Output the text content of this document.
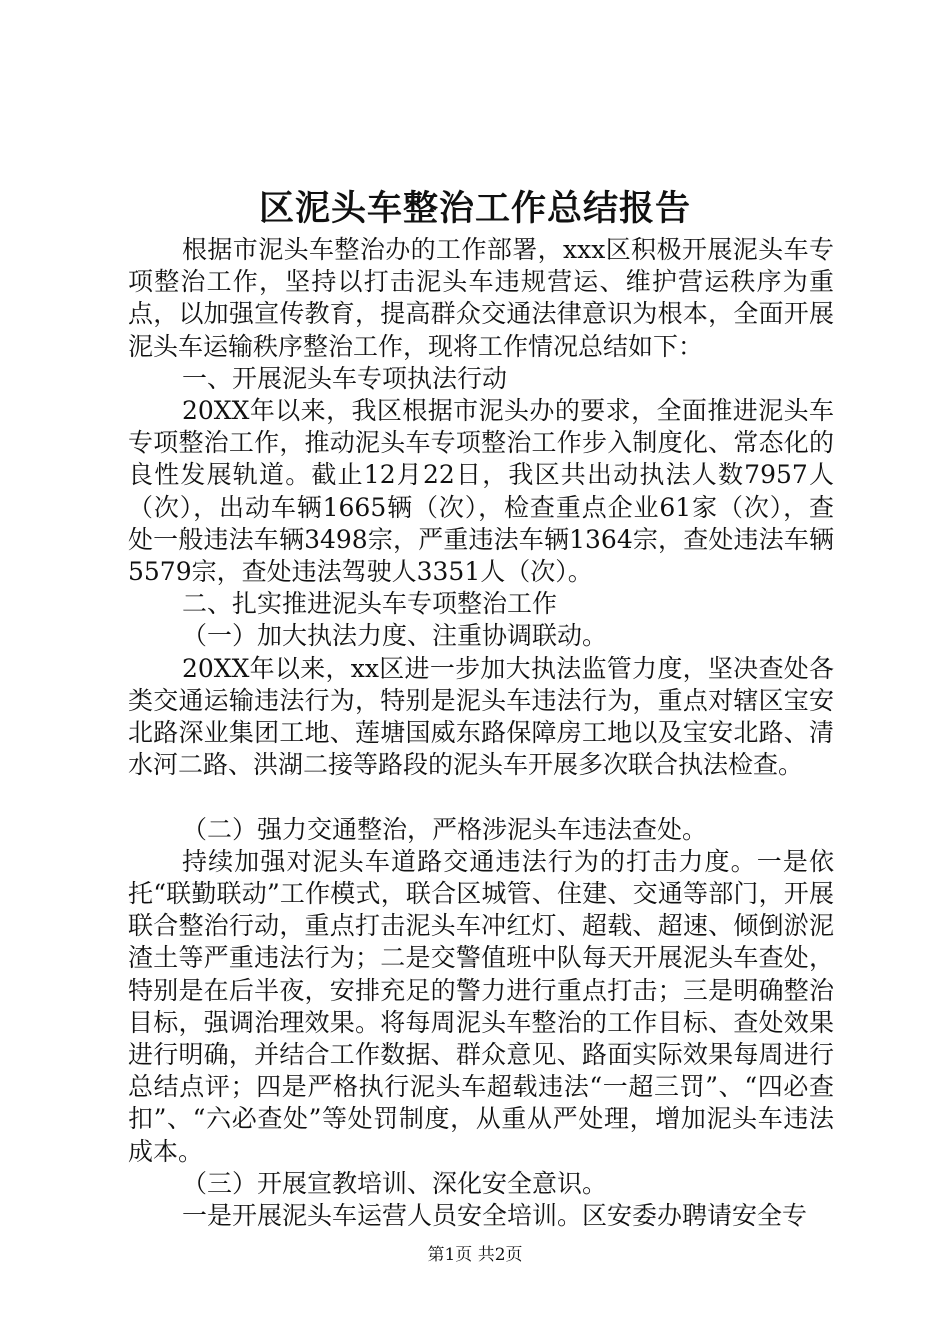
区泥头车整治工作总结报告

根据市泥头车整治办的工作部署，xxx区积极开展泥头车专项整治工作，坚持以打击泥头车违规营运、维护营运秩序为重点，以加强宣传教育，提高群众交通法律意识为根本，全面开展泥头车运输秩序整治工作，现将工作情况总结如下：

一、开展泥头车专项执法行动

20XX年以来，我区根据市泥头办的要求，全面推进泥头车专项整治工作，推动泥头车专项整治工作步入制度化、常态化的良性发展轨道。截止12月22日，我区共出动执法人数7957人（次），出动车辆1665辆（次），检查重点企业61家（次），查处一般违法车辆3498宗，严重违法车辆1364宗，查处违法车辆5579宗，查处违法驾驶人3351人（次）。

二、扎实推进泥头车专项整治工作

（一）加大执法力度、注重协调联动。

20XX年以来，xx区进一步加大执法监管力度，坚决查处各类交通运输违法行为，特别是泥头车违法行为，重点对辖区宝安北路深业集团工地、莲塘国威东路保障房工地以及宝安北路、清水河二路、洪湖二接等路段的泥头车开展多次联合执法检查。

（二）强力交通整治，严格涉泥头车违法查处。

持续加强对泥头车道路交通违法行为的打击力度。一是依托“联勤联动”工作模式，联合区城管、住建、交通等部门，开展联合整治行动，重点打击泥头车冲红灯、超载、超速、倾倒淤泥渣土等严重违法行为；二是交警值班中队每天开展泥头车查处，特别是在后半夜，安排充足的警力进行重点打击；三是明确整治目标，强调治理效果。将每周泥头车整治的工作目标、查处效果进行明确，并结合工作数据、群众意见、路面实际效果每周进行总结点评；四是严格执行泥头车超载违法“一超三罚”、“四必查扣”、“六必查处”等处罚制度，从重从严处理，增加泥头车违法成本。

（三）开展宣教培训、深化安全意识。

一是开展泥头车运营人员安全培训。区安委办聘请安全专

第1页 共2页
